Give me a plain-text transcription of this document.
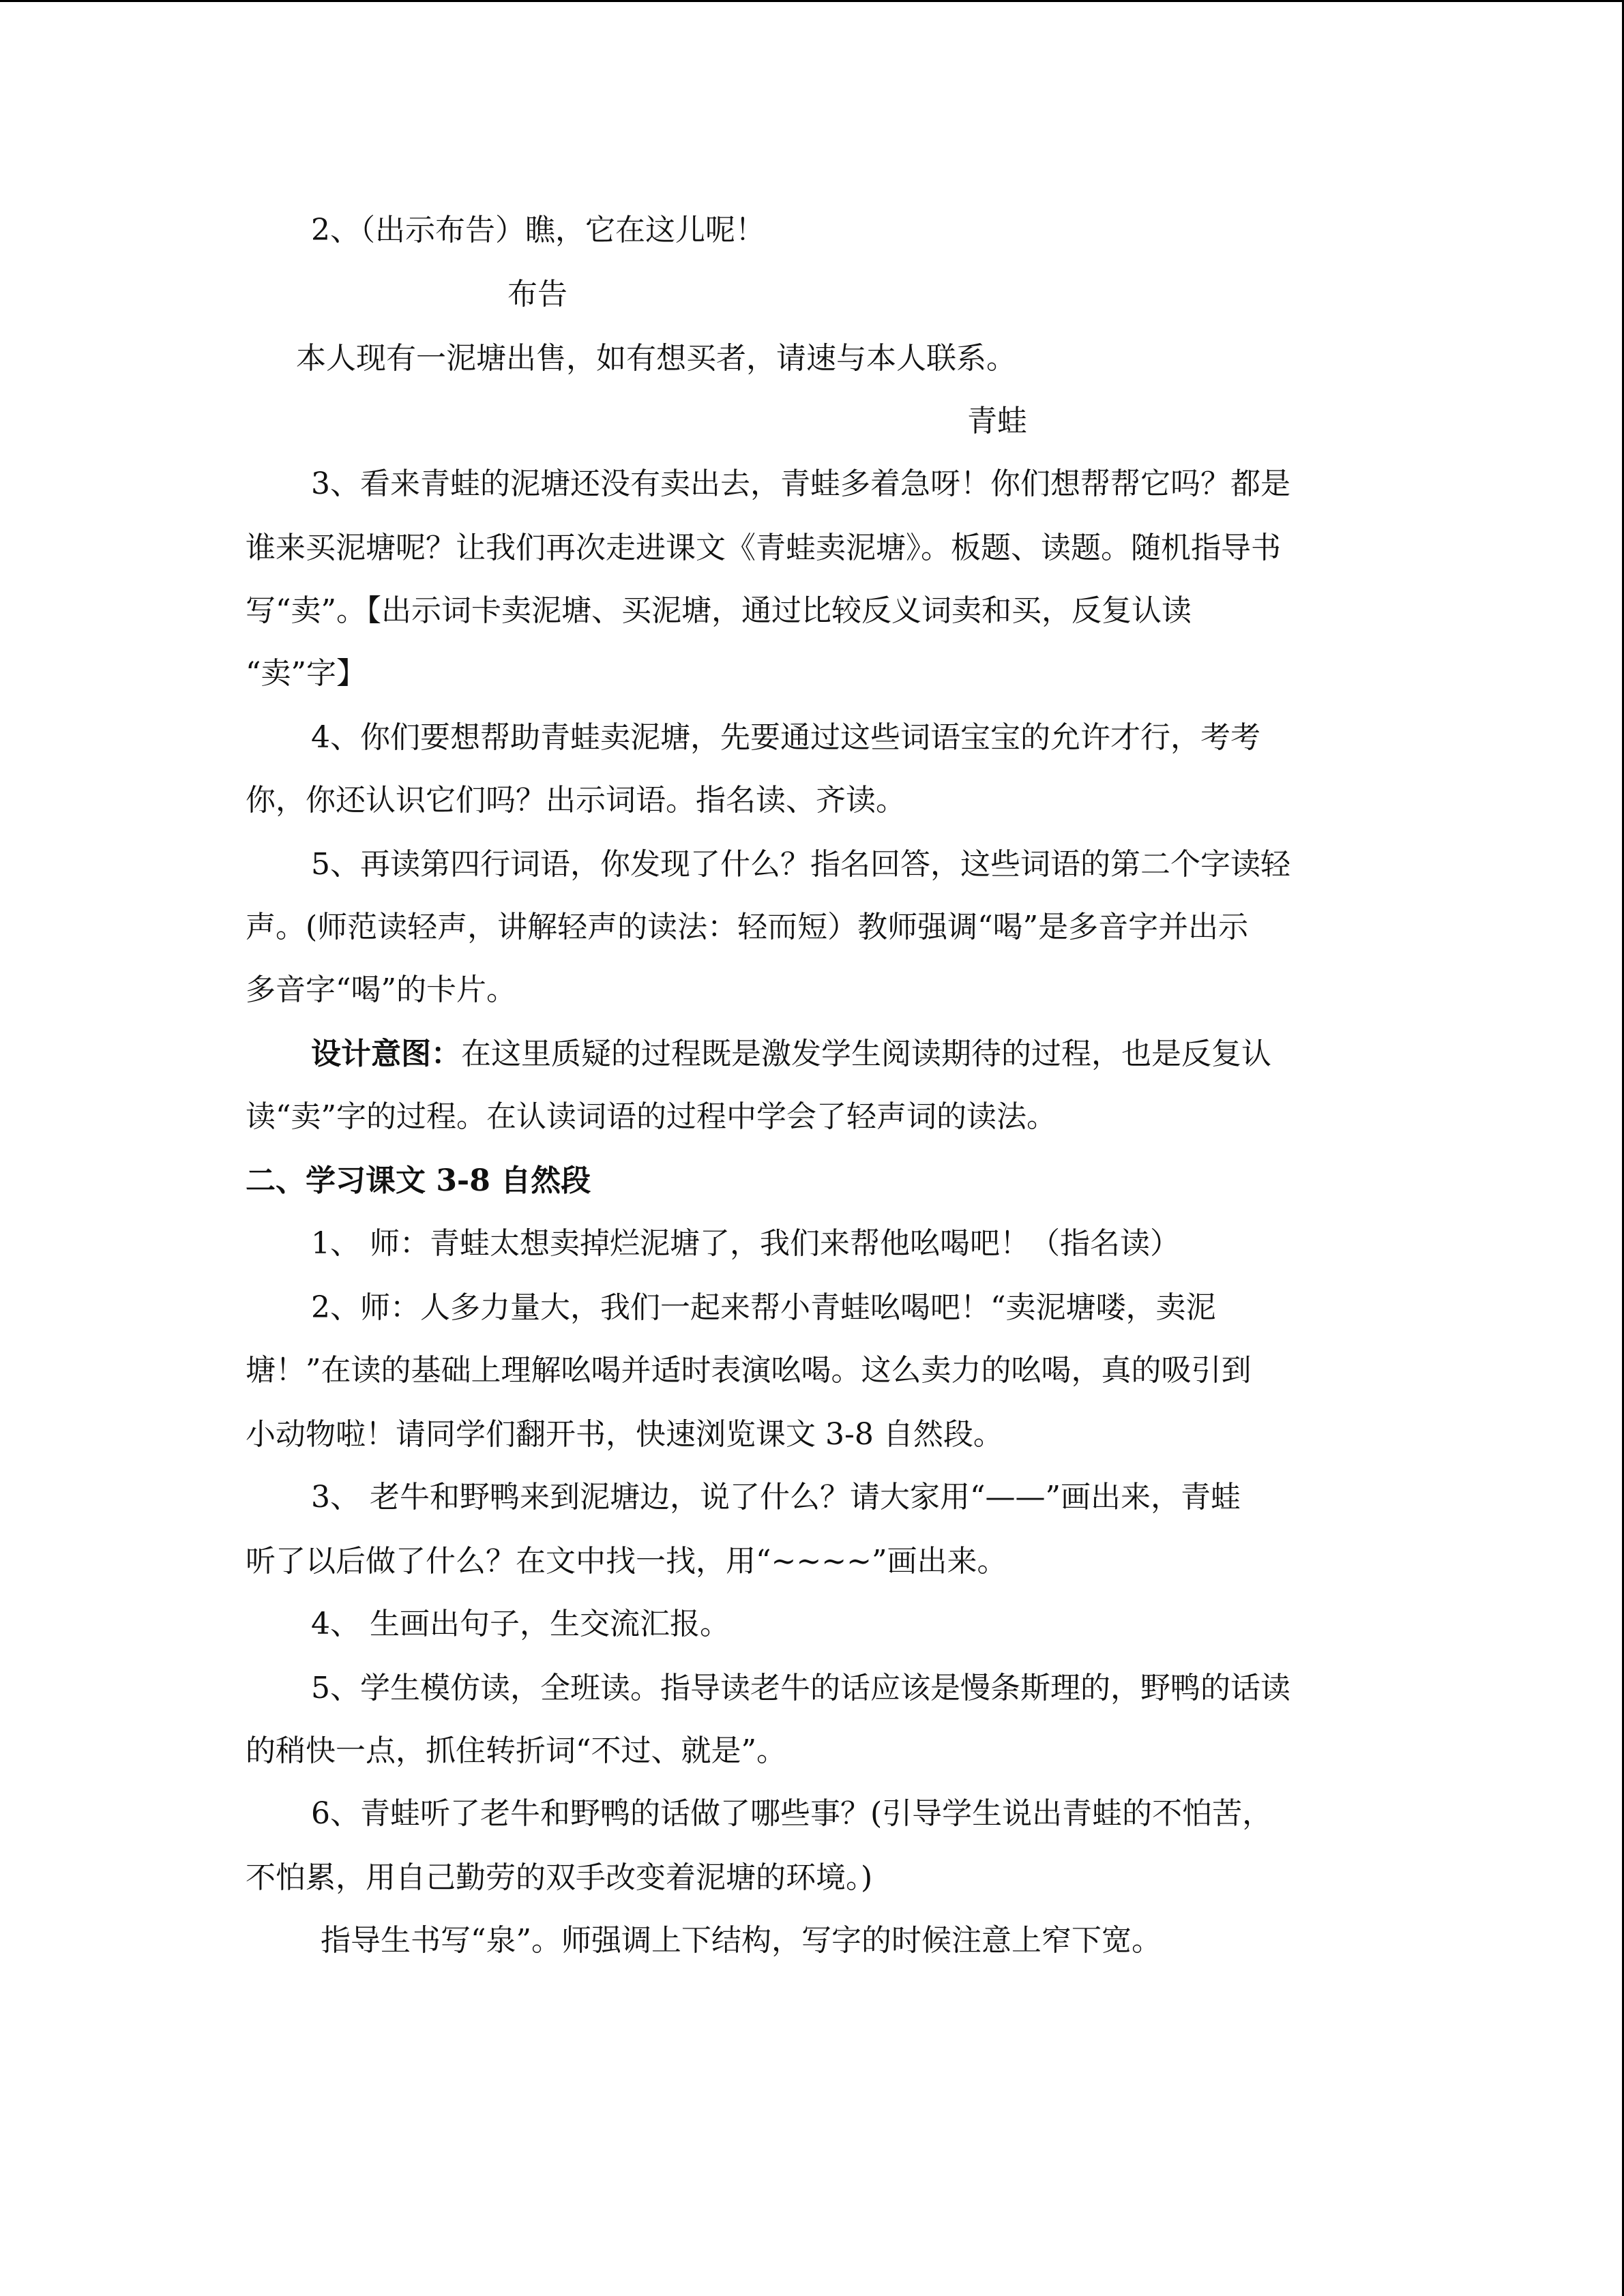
2、（出示布告）瞧，它在这儿呢！
布告
本人现有一泥塘出售，如有想买者，请速与本人联系。
青蛙
3、看来青蛙的泥塘还没有卖出去，青蛙多着急呀！你们想帮帮它吗？都是
谁来买泥塘呢？让我们再次走进课文《青蛙卖泥塘》。板题、读题。随机指导书
写“卖”。【出示词卡卖泥塘、买泥塘，通过比较反义词卖和买，反复认读
“卖”字】
4、你们要想帮助青蛙卖泥塘，先要通过这些词语宝宝的允许才行，考考
你，你还认识它们吗？出示词语。指名读、齐读。
5、再读第四行词语，你发现了什么？指名回答，这些词语的第二个字读轻
声。(师范读轻声，讲解轻声的读法：轻而短）教师强调“喝”是多音字并出示
多音字“喝”的卡片。
设计意图：在这里质疑的过程既是激发学生阅读期待的过程，也是反复认
读“卖”字的过程。在认读词语的过程中学会了轻声词的读法。
二、学习课文 3-8 自然段
1、 师：青蛙太想卖掉烂泥塘了，我们来帮他吆喝吧！（指名读）
2、师：人多力量大，我们一起来帮小青蛙吆喝吧！“卖泥塘喽，卖泥
塘！”在读的基础上理解吆喝并适时表演吆喝。这么卖力的吆喝，真的吸引到
小动物啦！请同学们翻开书，快速浏览课文 3-8 自然段。
3、 老牛和野鸭来到泥塘边，说了什么？请大家用“——”画出来，青蛙
听了以后做了什么？在文中找一找，用“~~~~”画出来。
4、 生画出句子，生交流汇报。
5、学生模仿读，全班读。指导读老牛的话应该是慢条斯理的，野鸭的话读
的稍快一点，抓住转折词“不过、就是”。
6、青蛙听了老牛和野鸭的话做了哪些事？(引导学生说出青蛙的不怕苦，
不怕累，用自己勤劳的双手改变着泥塘的环境。)
指导生书写“泉”。师强调上下结构，写字的时候注意上窄下宽。
